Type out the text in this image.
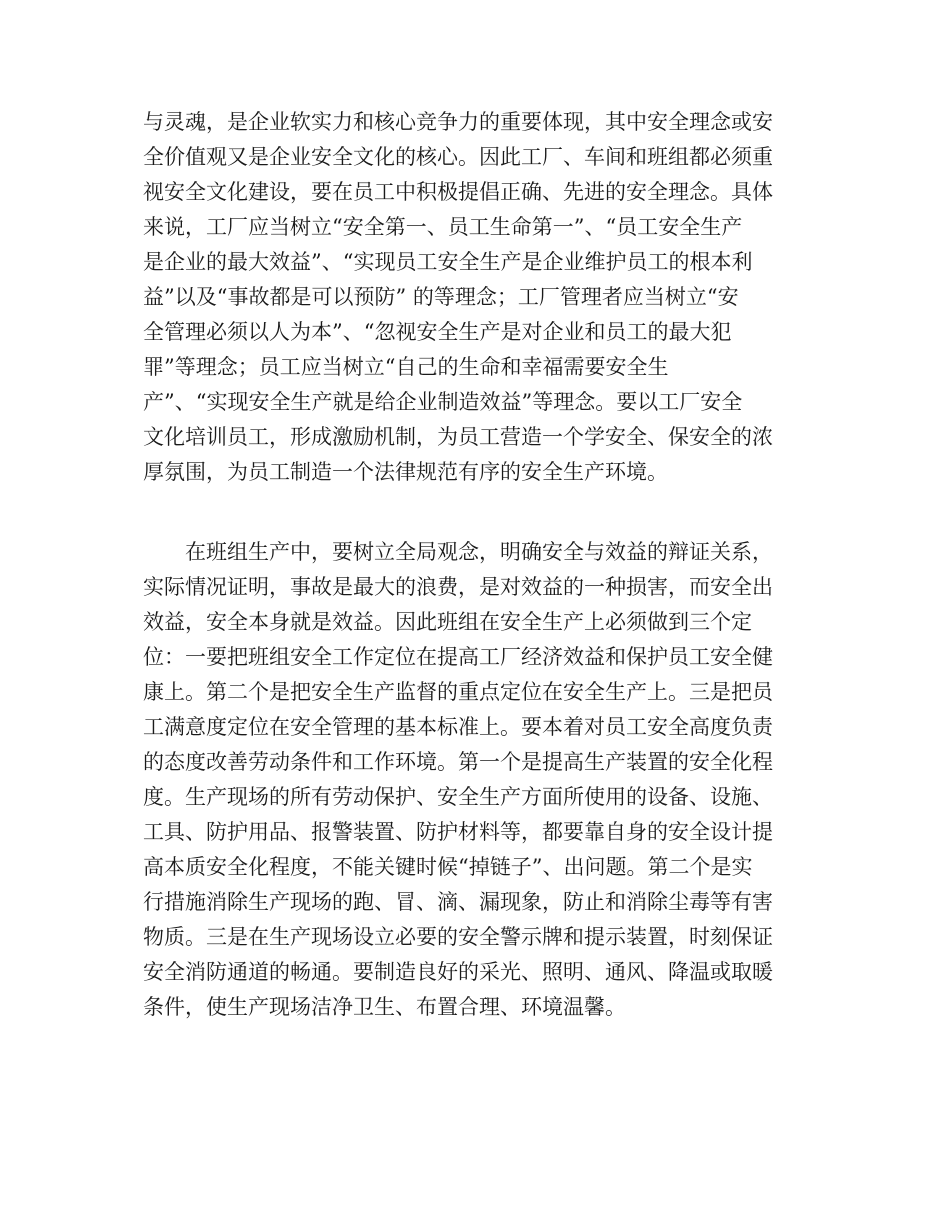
与灵魂，是企业软实力和核心竞争力的重要体现，其中安全理念或安
全价值观又是企业安全文化的核心。因此工厂、车间和班组都必须重
视安全文化建设，要在员工中积极提倡正确、先进的安全理念。具体
来说，工厂应当树立“安全第一、员工生命第一”、“员工安全生产
是企业的最大效益”、“实现员工安全生产是企业维护员工的根本利
益”以及“事故都是可以预防” 的等理念；工厂管理者应当树立“安
全管理必须以人为本”、“忽视安全生产是对企业和员工的最大犯
罪”等理念；员工应当树立“自己的生命和幸福需要安全生
产”、“实现安全生产就是给企业制造效益”等理念。要以工厂安全
文化培训员工，形成激励机制，为员工营造一个学安全、保安全的浓
厚氛围，为员工制造一个法律规范有序的安全生产环境。

　　在班组生产中，要树立全局观念，明确安全与效益的辩证关系，
实际情况证明，事故是最大的浪费，是对效益的一种损害，而安全出
效益，安全本身就是效益。因此班组在安全生产上必须做到三个定
位：一要把班组安全工作定位在提高工厂经济效益和保护员工安全健
康上。第二个是把安全生产监督的重点定位在安全生产上。三是把员
工满意度定位在安全管理的基本标准上。要本着对员工安全高度负责
的态度改善劳动条件和工作环境。第一个是提高生产装置的安全化程
度。生产现场的所有劳动保护、安全生产方面所使用的设备、设施、
工具、防护用品、报警装置、防护材料等，都要靠自身的安全设计提
高本质安全化程度，不能关键时候“掉链子”、出问题。第二个是实
行措施消除生产现场的跑、冒、滴、漏现象，防止和消除尘毒等有害
物质。三是在生产现场设立必要的安全警示牌和提示装置，时刻保证
安全消防通道的畅通。要制造良好的采光、照明、通风、降温或取暖
条件，使生产现场洁净卫生、布置合理、环境温馨。
